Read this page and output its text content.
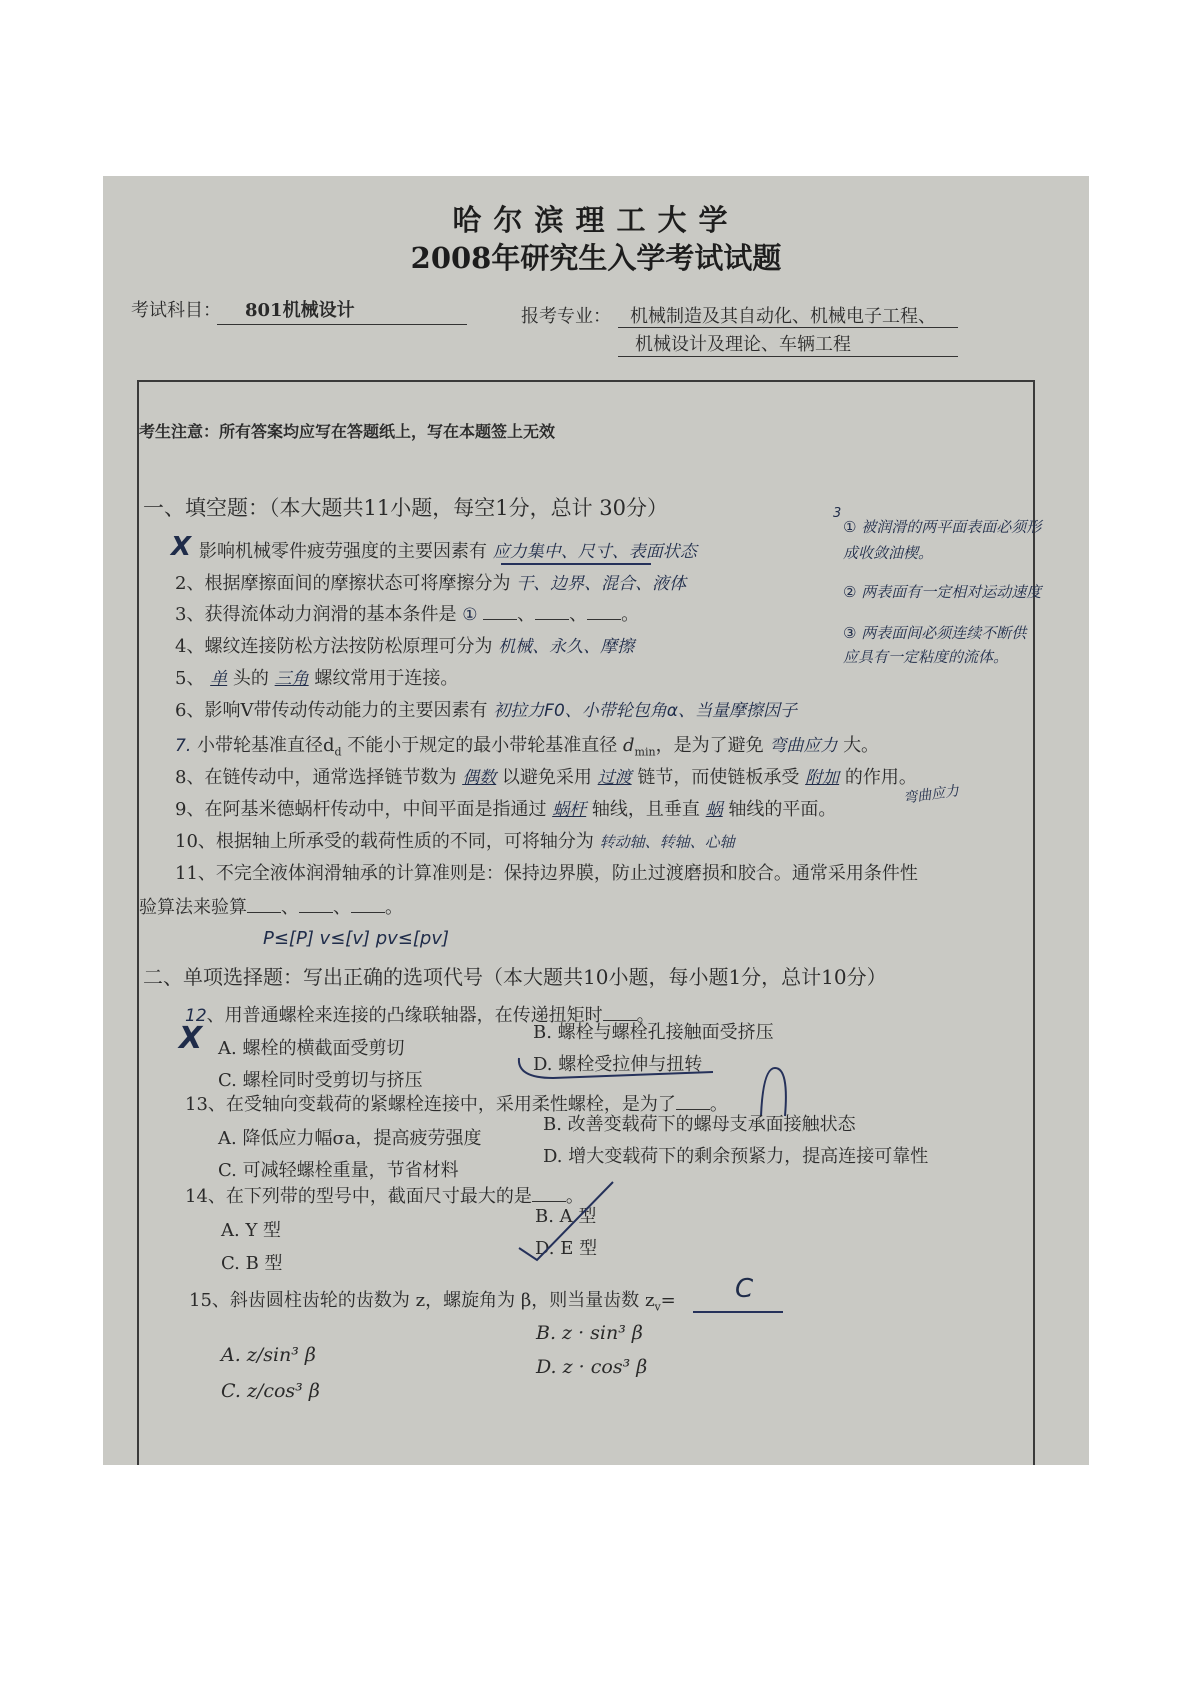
哈尔滨理工大学
2008年研究生入学考试试题
考试科目： 801机械设计	报考专业： 机械制造及其自动化、机械电子工程、
机械设计及理论、车辆工程
考生注意：所有答案均应写在答题纸上，写在本题签上无效
一、填空题：（本大题共11小题，每空1分，总计 30分）
X 影响机械零件疲劳强度的主要因素有 应力集中、尺寸、表面状态
2、根据摩擦面间的摩擦状态可将摩擦分为 干、边界、混合、液体
3、获得流体动力润滑的基本条件是 ① 、 、 。
4、螺纹连接防松方法按防松原理可分为 机械、永久、摩擦
5、 单 头的 三角 螺纹常用于连接。
6、影响V带传动传动能力的主要因素有 初拉力F0、小带轮包角α、当量摩擦因子
7. 小带轮基准直径$d_d$ 不能小于规定的最小带轮基准直径 $d_{min}$，是为了避免 弯曲应力 大。
8、在链传动中，通常选择链节数为 偶数 以避免采用 过渡 链节，而使链板承受 附加 的作用。
弯曲应力
9、在阿基米德蜗杆传动中，中间平面是指通过 蜗杆 轴线，且垂直 蜗 轴线的平面。
10、根据轴上所承受的载荷性质的不同，可将轴分为 转动轴、转轴、心轴
11、不完全液体润滑轴承的计算准则是：保持边界膜，防止过渡磨损和胶合。通常采用条件性
验算法来验算 、 、 。
P≤[P] v≤[v] pv≤[pv]
3
① 被润滑的两平面表面必须形成收敛油楔。
② 两表面有一定相对运动速度
③ 两表面间必须连续不断供应具有一定粘度的流体。
二、单项选择题：写出正确的选项代号（本大题共10小题，每小题1分，总计10分）
12、用普通螺栓来连接的凸缘联轴器，在传递扭矩时 。
X A. 螺栓的横截面受剪切
B. 螺栓与螺栓孔接触面受挤压
C. 螺栓同时受剪切与挤压
D. 螺栓受拉伸与扭转
13、在受轴向变载荷的紧螺栓连接中，采用柔性螺栓，是为了 。
A. 降低应力幅σa，提高疲劳强度
B. 改善变载荷下的螺母支承面接触状态
C. 可减轻螺栓重量，节省材料
D. 增大变载荷下的剩余预紧力，提高连接可靠性
14、在下列带的型号中，截面尺寸最大的是 。
A. Y 型
B. A 型
C. B 型
D. E 型
15、斜齿圆柱齿轮的齿数为 z，螺旋角为 β，则当量齿数 $z_v= C$
A. z/sin³ β
B. z · sin³ β
C. z/cos³ β
D. z · cos³ β
